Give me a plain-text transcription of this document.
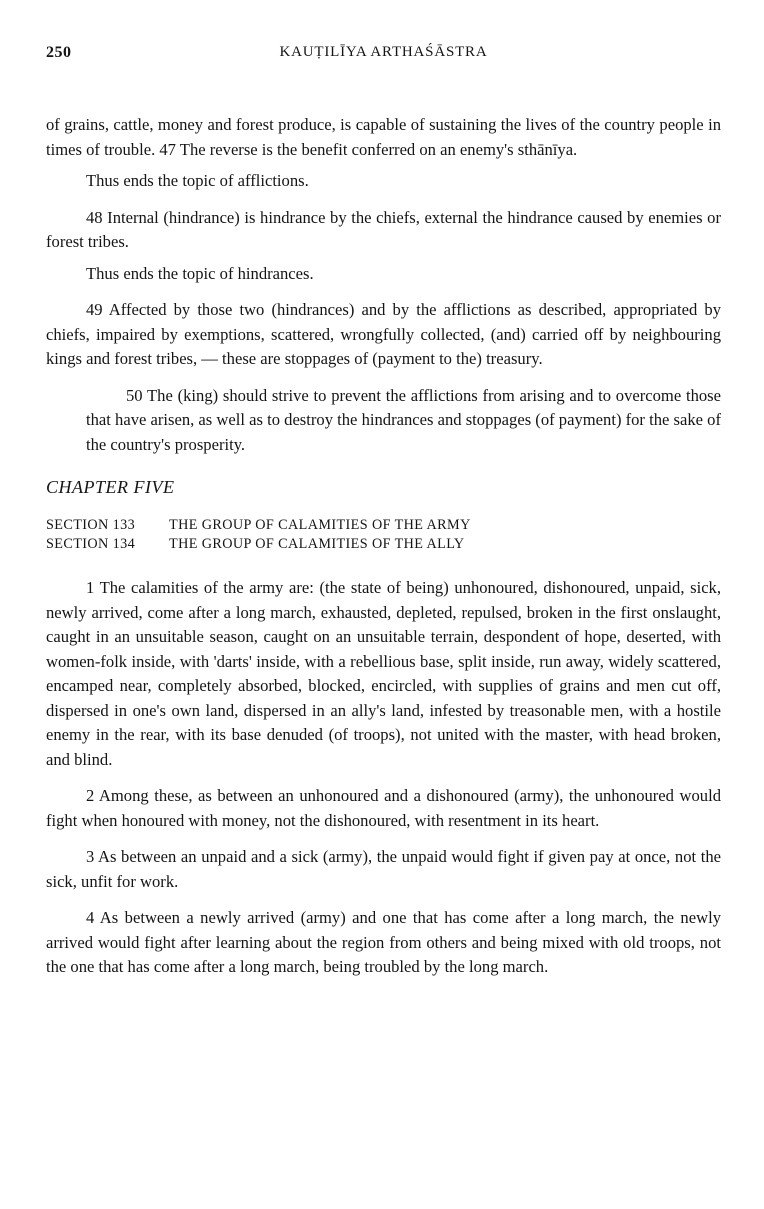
250	KAUṬILĪYA ARTHAŚĀSTRA

of grains, cattle, money and forest produce, is capable of sustaining the lives of the country people in times of trouble. 47 The reverse is the benefit conferred on an enemy's sthānīya.

Thus ends the topic of afflictions.

48 Internal (hindrance) is hindrance by the chiefs, external the hindrance caused by enemies or forest tribes.

Thus ends the topic of hindrances.

49 Affected by those two (hindrances) and by the afflictions as described, appropriated by chiefs, impaired by exemptions, scattered, wrongfully collected, (and) carried off by neighbouring kings and forest tribes, — these are stoppages of (payment to the) treasury.

50 The (king) should strive to prevent the afflictions from arising and to overcome those that have arisen, as well as to destroy the hindrances and stoppages (of payment) for the sake of the country's prosperity.

CHAPTER FIVE
SECTION 133 THE GROUP OF CALAMITIES OF THE ARMY
SECTION 134 THE GROUP OF CALAMITIES OF THE ALLY

1 The calamities of the army are: (the state of being) unhonoured, dishonoured, unpaid, sick, newly arrived, come after a long march, exhausted, depleted, repulsed, broken in the first onslaught, caught in an unsuitable season, caught on an unsuitable terrain, despondent of hope, deserted, with women-folk inside, with 'darts' inside, with a rebellious base, split inside, run away, widely scattered, encamped near, completely absorbed, blocked, encircled, with supplies of grains and men cut off, dispersed in one's own land, dispersed in an ally's land, infested by treasonable men, with a hostile enemy in the rear, with its base denuded (of troops), not united with the master, with head broken, and blind.

2 Among these, as between an unhonoured and a dishonoured (army), the unhonoured would fight when honoured with money, not the dishonoured, with resentment in its heart.

3 As between an unpaid and a sick (army), the unpaid would fight if given pay at once, not the sick, unfit for work.

4 As between a newly arrived (army) and one that has come after a long march, the newly arrived would fight after learning about the region from others and being mixed with old troops, not the one that has come after a long march, being troubled by the long march.
